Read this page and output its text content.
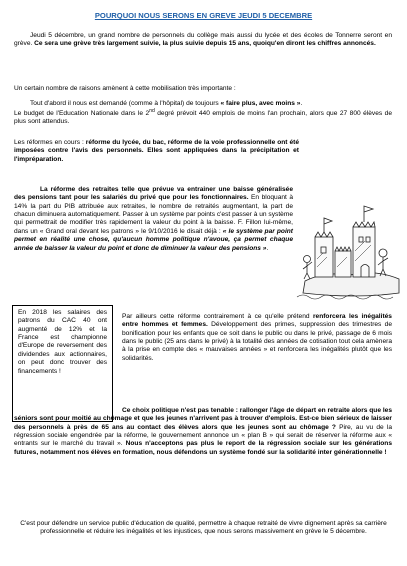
POURQUOI NOUS SERONS EN GREVE JEUDI 5 DECEMBRE
Jeudi 5 décembre, un grand nombre de personnels du collège mais aussi du lycée et des écoles de Tonnerre seront en grève. Ce sera une grève très largement suivie, la plus suivie depuis 15 ans, quoiqu'en diront les chiffres annoncés.
Un certain nombre de raisons amènent à cette mobilisation très importante :
Tout d'abord il nous est demandé (comme à l'hôpital) de toujours « faire plus, avec moins ».
Le budget de l'Education Nationale dans le 2nd degré prévoit 440 emplois de moins l'an prochain, alors que 27 800 élèves de plus sont attendus.
Les réformes en cours : réforme du lycée, du bac, réforme de la voie professionnelle ont été imposées contre l'avis des personnels. Elles sont appliquées dans la précipitation et l'impréparation.
La réforme des retraites telle que prévue va entrainer une baisse généralisée des pensions tant pour les salariés du privé que pour les fonctionnaires. En bloquant à 14% la part du PIB attribuée aux retraites, le nombre de retraités augmentant, la part de chacun diminuera automatiquement. Passer à un système par points c'est passer à un système qui permettrait de modifier très rapidement la valeur du point à la baisse. F. Fillon lui-même, dans un « Grand oral devant les patrons » le 9/10/2016 le disait déjà : « le système par point permet en réalité une chose, qu'aucun homme politique n'avoue, ça permet chaque année de baisser la valeur du point et donc de diminuer la valeur des pensions ».
En 2018 les salaires des patrons du CAC 40 ont augmenté de 12% et la France est championne d'Europe de reversement des dividendes aux actionnaires, on peut donc trouver des financements !
Par ailleurs cette réforme contrairement à ce qu'elle prétend renforcera les inégalités entre hommes et femmes. Développement des primes, suppression des trimestres de bonification pour les enfants que ce soit dans le public ou dans le privé, passage de 6 mois dans le public (25 ans dans le privé) à la totalité des années de cotisation tout cela amènera à la prise en compte des « mauvaises années » et renforcera les inégalités plutôt que les solidarités.
Ce choix politique n'est pas tenable : rallonger l'âge de départ en retraite alors que les séniors sont pour moitié au chômage et que les jeunes n'arrivent pas à trouver d'emplois. Est-ce bien sérieux de laisser des personnels à près de 65 ans au contact des élèves alors que les jeunes sont au chômage ? Pire, au vu de la régression sociale engendrée par la réforme, le gouvernement annonce un « plan B » qui serait de réserver la réforme aux « entrants sur le marché du travail ». Nous n'acceptons pas plus le report de la régression sociale sur les générations futures, notamment nos élèves en formation, nous défendons un système fondé sur la solidarité inter générationnelle !
C'est pour défendre un service public d'éducation de qualité, permettre à chaque retraité de vivre dignement après sa carrière professionnelle et réduire les inégalités et les injustices, que nous serons massivement en grève le 5 décembre.
